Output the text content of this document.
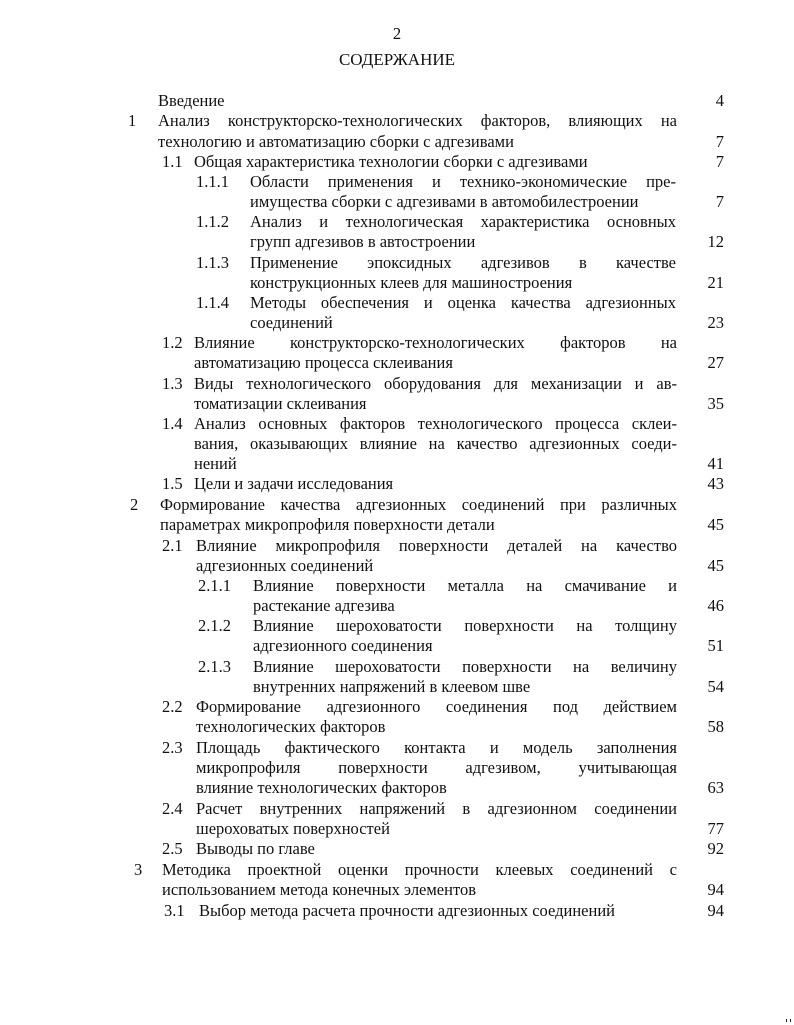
2
СОДЕРЖАНИЕ
Введение	4
1 Анализ конструкторско-технологических факторов, влияющих на
технологию и автоматизацию сборки с адгезивами	7
1.1 Общая характеристика технологии сборки с адгезивами	7
1.1.1 Области применения и технико-экономические пре-
имущества сборки с адгезивами в автомобилестроении	7
1.1.2 Анализ и технологическая характеристика основных
групп адгезивов в автостроении	12
1.1.3 Применение эпоксидных адгезивов в качестве
конструкционных клеев для машиностроения	21
1.1.4 Методы обеспечения и оценка качества адгезионных
соединений	23
1.2 Влияние конструкторско-технологических факторов на
автоматизацию процесса склеивания	27
1.3 Виды технологического оборудования для механизации и ав-
томатизации склеивания	35
1.4 Анализ основных факторов технологического процесса склеи-
вания, оказывающих влияние на качество адгезионных соеди-
нений	41
1.5 Цели и задачи исследования	43
2 Формирование качества адгезионных соединений при различных
параметрах микропрофиля поверхности детали	45
2.1 Влияние микропрофиля поверхности деталей на качество
адгезионных соединений	45
2.1.1 Влияние поверхности металла на смачивание и
растекание адгезива	46
2.1.2 Влияние шероховатости поверхности на толщину
адгезионного соединения	51
2.1.3 Влияние шероховатости поверхности на величину
внутренних напряжений в клеевом шве	54
2.2 Формирование адгезионного соединения под действием
технологических факторов	58
2.3 Площадь фактического контакта и модель заполнения
микропрофиля поверхности адгезивом, учитывающая
влияние технологических факторов	63
2.4 Расчет внутренних напряжений в адгезионном соединении
шероховатых поверхностей	77
2.5 Выводы по главе	92
3 Методика проектной оценки прочности клеевых соединений с
использованием метода конечных элементов	94
3.1 Выбор метода расчета прочности адгезионных соединений	94
